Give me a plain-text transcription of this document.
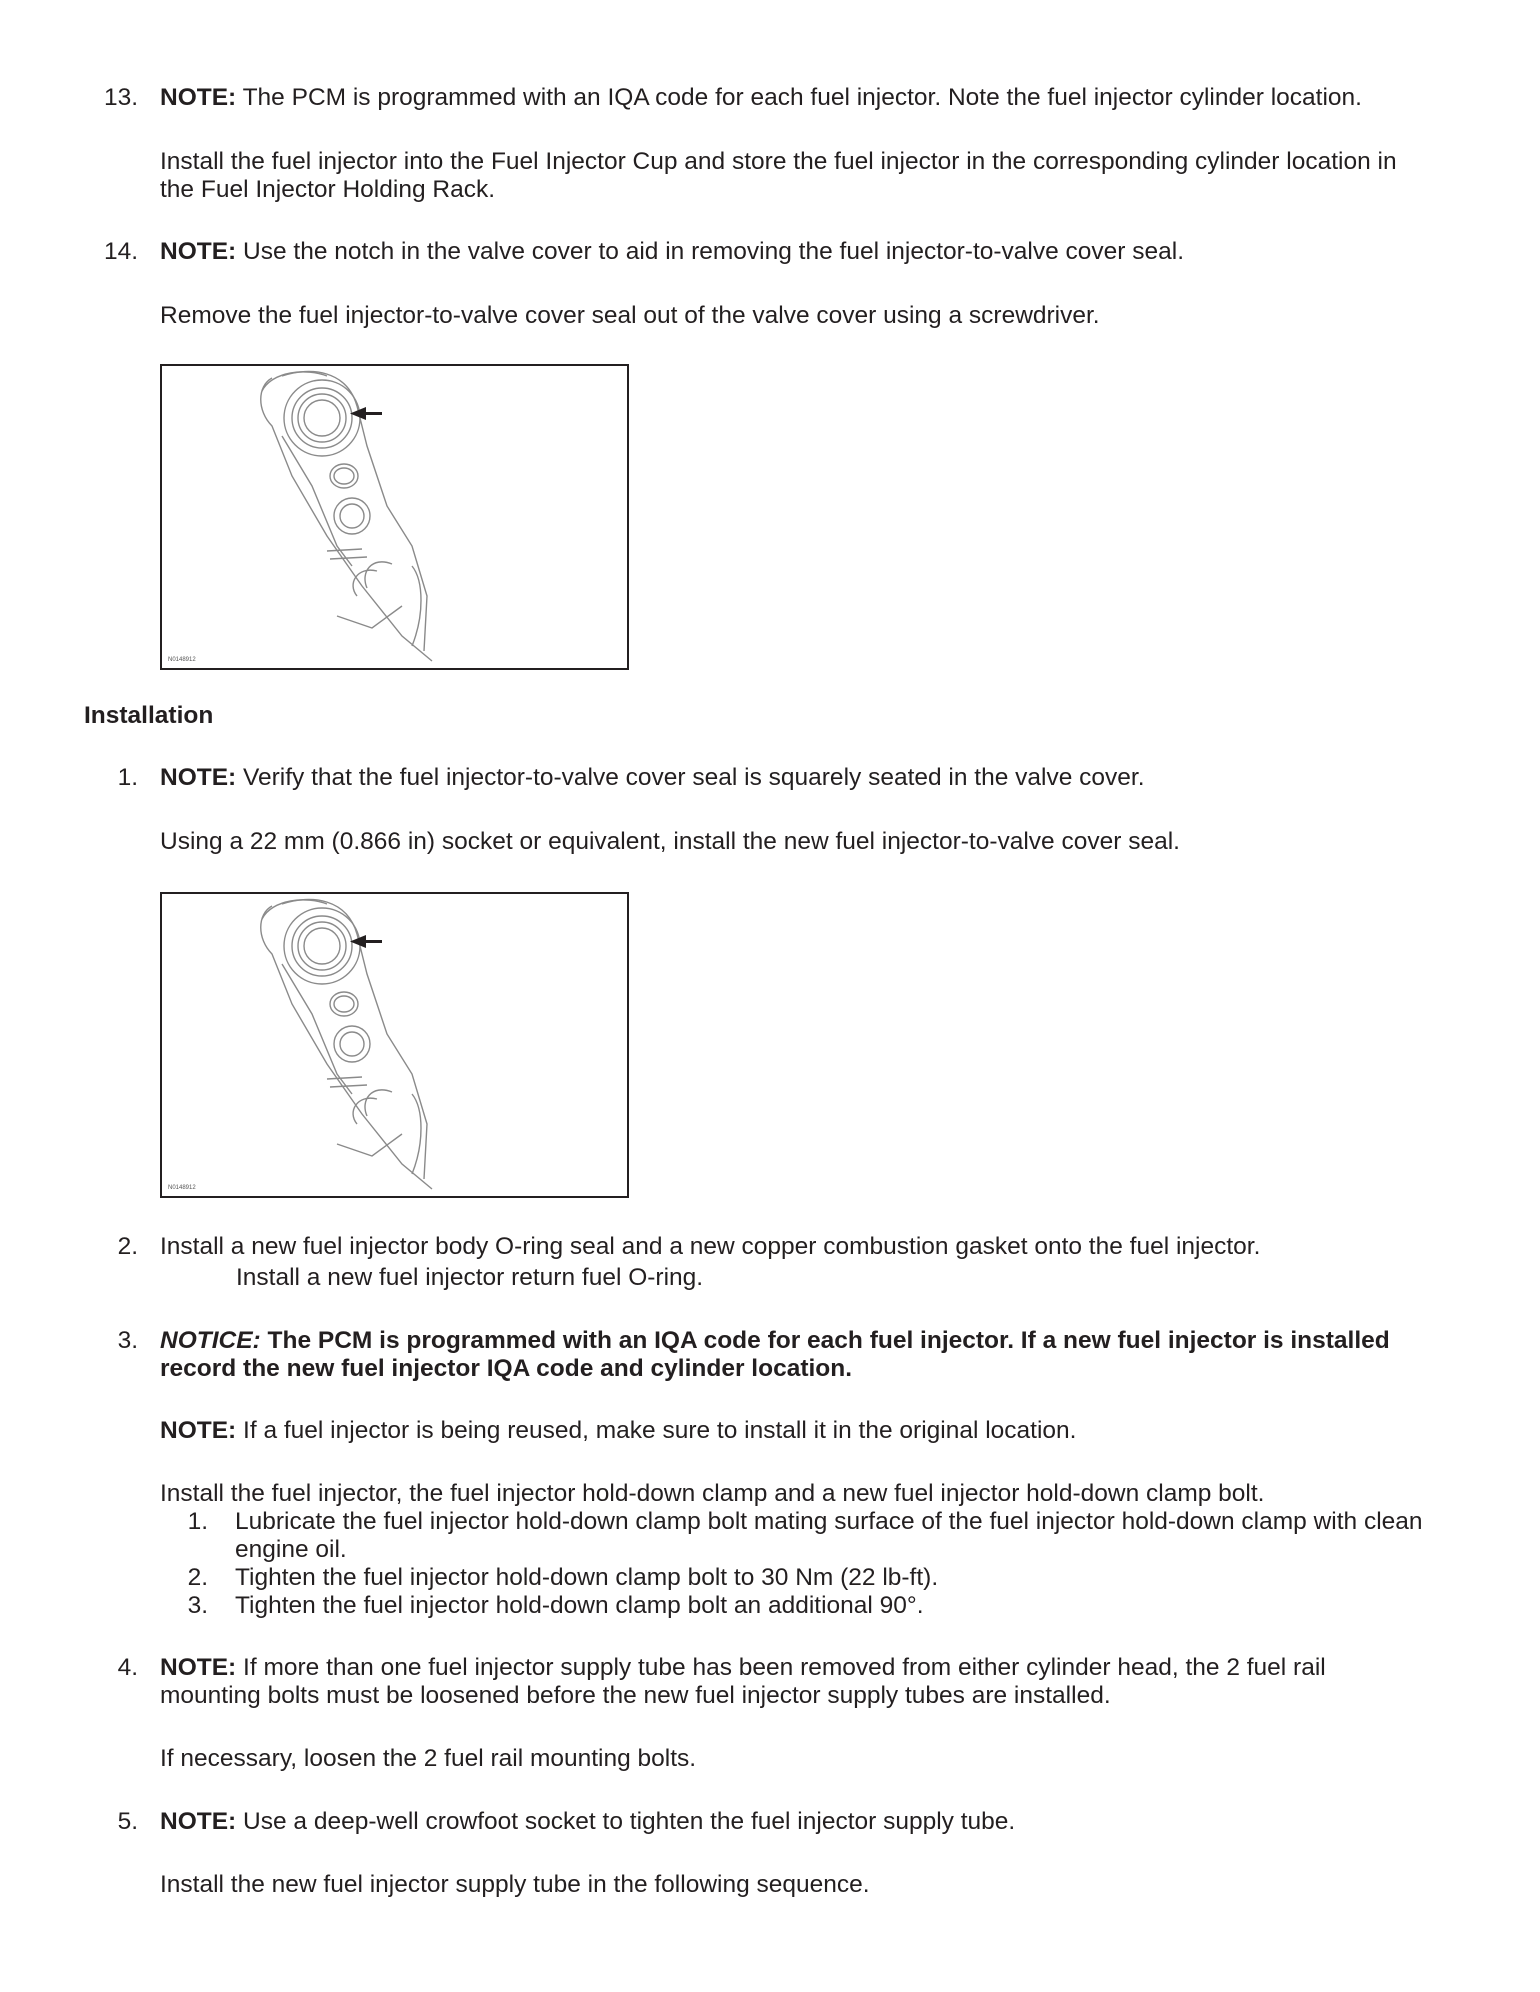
13. NOTE: The PCM is programmed with an IQA code for each fuel injector. Note the fuel injector cylinder location.
Install the fuel injector into the Fuel Injector Cup and store the fuel injector in the corresponding cylinder location in
the Fuel Injector Holding Rack.
14. NOTE: Use the notch in the valve cover to aid in removing the fuel injector-to-valve cover seal.
Remove the fuel injector-to-valve cover seal out of the valve cover using a screwdriver.
N0148912
Installation
1. NOTE: Verify that the fuel injector-to-valve cover seal is squarely seated in the valve cover.
Using a 22 mm (0.866 in) socket or equivalent, install the new fuel injector-to-valve cover seal.
N0148912
2. Install a new fuel injector body O-ring seal and a new copper combustion gasket onto the fuel injector.
Install a new fuel injector return fuel O-ring.
3. NOTICE: The PCM is programmed with an IQA code for each fuel injector. If a new fuel injector is installed
record the new fuel injector IQA code and cylinder location.
NOTE: If a fuel injector is being reused, make sure to install it in the original location.
Install the fuel injector, the fuel injector hold-down clamp and a new fuel injector hold-down clamp bolt.
1. Lubricate the fuel injector hold-down clamp bolt mating surface of the fuel injector hold-down clamp with clean
engine oil.
2. Tighten the fuel injector hold-down clamp bolt to 30 Nm (22 lb-ft).
3. Tighten the fuel injector hold-down clamp bolt an additional 90°.
4. NOTE: If more than one fuel injector supply tube has been removed from either cylinder head, the 2 fuel rail
mounting bolts must be loosened before the new fuel injector supply tubes are installed.
If necessary, loosen the 2 fuel rail mounting bolts.
5. NOTE: Use a deep-well crowfoot socket to tighten the fuel injector supply tube.
Install the new fuel injector supply tube in the following sequence.
